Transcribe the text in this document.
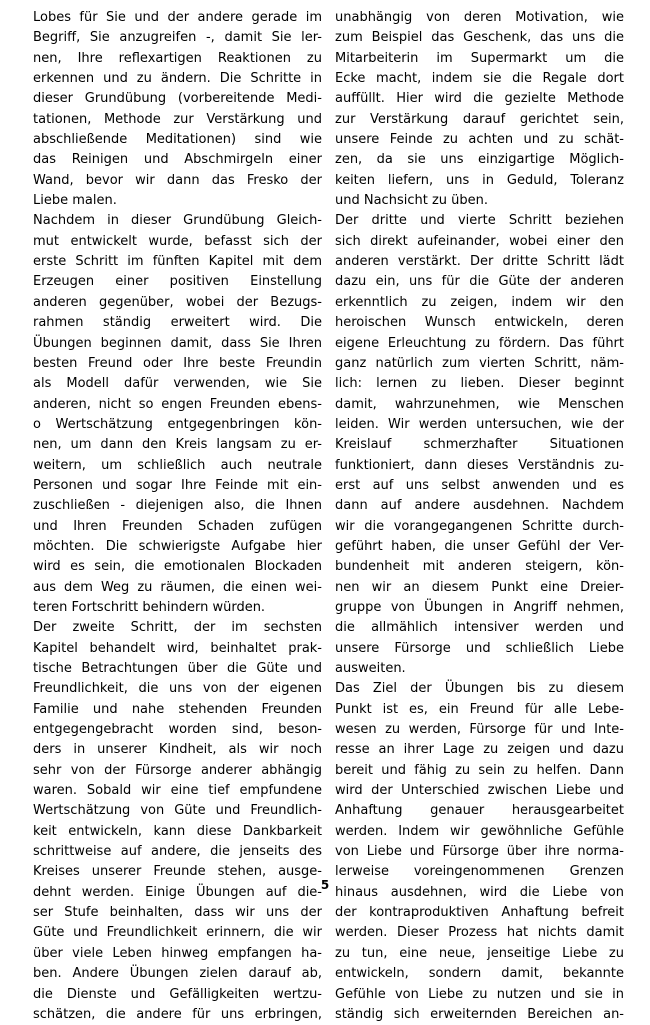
Lobes für Sie und der andere gerade im
Begriff, Sie anzugreifen -, damit Sie ler-
nen, Ihre reflexartigen Reaktionen zu
erkennen und zu ändern. Die Schritte in
dieser Grundübung (vorbereitende Medi-
tationen, Methode zur Verstärkung und
abschließende Meditationen) sind wie
das Reinigen und Abschmirgeln einer
Wand, bevor wir dann das Fresko der
Liebe malen.
Nachdem in dieser Grundübung Gleich-
mut entwickelt wurde, befasst sich der
erste Schritt im fünften Kapitel mit dem
Erzeugen einer positiven Einstellung
anderen gegenüber, wobei der Bezugs-
rahmen ständig erweitert wird. Die
Übungen beginnen damit, dass Sie Ihren
besten Freund oder Ihre beste Freundin
als Modell dafür verwenden, wie Sie
anderen, nicht so engen Freunden ebens-
o Wertschätzung entgegenbringen kön-
nen, um dann den Kreis langsam zu er-
weitern, um schließlich auch neutrale
Personen und sogar Ihre Feinde mit ein-
zuschließen - diejenigen also, die Ihnen
und Ihren Freunden Schaden zufügen
möchten. Die schwierigste Aufgabe hier
wird es sein, die emotionalen Blockaden
aus dem Weg zu räumen, die einen wei-
teren Fortschritt behindern würden.
Der zweite Schritt, der im sechsten
Kapitel behandelt wird, beinhaltet prak-
tische Betrachtungen über die Güte und
Freundlichkeit, die uns von der eigenen
Familie und nahe stehenden Freunden
entgegengebracht worden sind, beson-
ders in unserer Kindheit, als wir noch
sehr von der Fürsorge anderer abhängig
waren. Sobald wir eine tief empfundene
Wertschätzung von Güte und Freundlich-
keit entwickeln, kann diese Dankbarkeit
schrittweise auf andere, die jenseits des
Kreises unserer Freunde stehen, ausge-
dehnt werden. Einige Übungen auf die-
ser Stufe beinhalten, dass wir uns der
Güte und Freundlichkeit erinnern, die wir
über viele Leben hinweg empfangen ha-
ben. Andere Übungen zielen darauf ab,
die Dienste und Gefälligkeiten wertzu-
schätzen, die andere für uns erbringen,
unabhängig von deren Motivation, wie
zum Beispiel das Geschenk, das uns die
Mitarbeiterin im Supermarkt um die
Ecke macht, indem sie die Regale dort
auffüllt. Hier wird die gezielte Methode
zur Verstärkung darauf gerichtet sein,
unsere Feinde zu achten und zu schät-
zen, da sie uns einzigartige Möglich-
keiten liefern, uns in Geduld, Toleranz
und Nachsicht zu üben.
Der dritte und vierte Schritt beziehen
sich direkt aufeinander, wobei einer den
anderen verstärkt. Der dritte Schritt lädt
dazu ein, uns für die Güte der anderen
erkenntlich zu zeigen, indem wir den
heroischen Wunsch entwickeln, deren
eigene Erleuchtung zu fördern. Das führt
ganz natürlich zum vierten Schritt, näm-
lich: lernen zu lieben. Dieser beginnt
damit, wahrzunehmen, wie Menschen
leiden. Wir werden untersuchen, wie der
Kreislauf schmerzhafter Situationen
funktioniert, dann dieses Verständnis zu-
erst auf uns selbst anwenden und es
dann auf andere ausdehnen. Nachdem
wir die vorangegangenen Schritte durch-
geführt haben, die unser Gefühl der Ver-
bundenheit mit anderen steigern, kön-
nen wir an diesem Punkt eine Dreier-
gruppe von Übungen in Angriff nehmen,
die allmählich intensiver werden und
unsere Fürsorge und schließlich Liebe
ausweiten.
Das Ziel der Übungen bis zu diesem
Punkt ist es, ein Freund für alle Lebe-
wesen zu werden, Fürsorge für und Inte-
resse an ihrer Lage zu zeigen und dazu
bereit und fähig zu sein zu helfen. Dann
wird der Unterschied zwischen Liebe und
Anhaftung genauer herausgearbeitet
werden. Indem wir gewöhnliche Gefühle
von Liebe und Fürsorge über ihre norma-
lerweise voreingenommenen Grenzen
hinaus ausdehnen, wird die Liebe von
der kontraproduktiven Anhaftung befreit
werden. Dieser Prozess hat nichts damit
zu tun, eine neue, jenseitige Liebe zu
entwickeln, sondern damit, bekannte
Gefühle von Liebe zu nutzen und sie in
ständig sich erweiternden Bereichen an-
5
